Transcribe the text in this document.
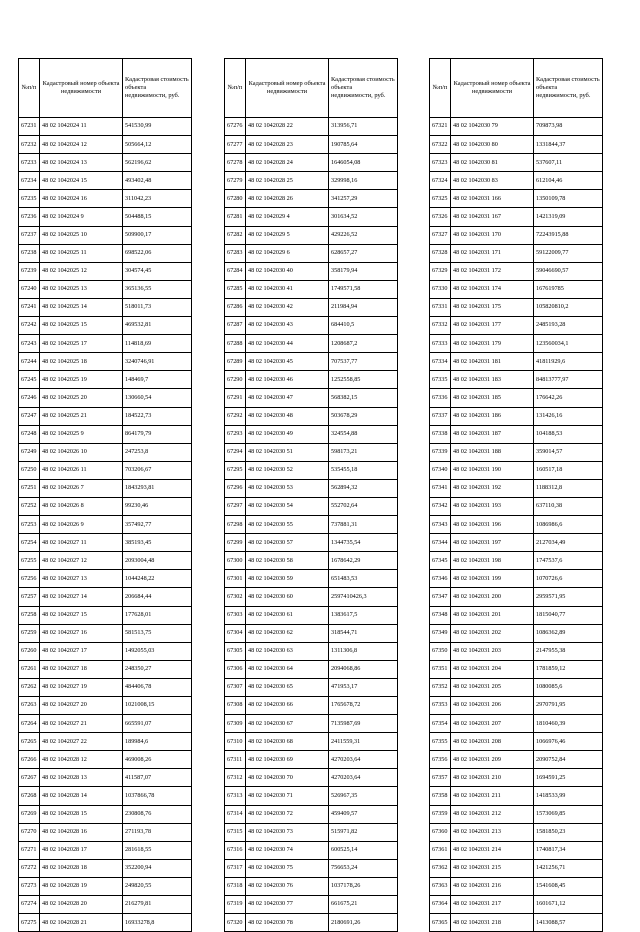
№п/п	Кадастровый номер объекта недвижимости	Кадастровая стоимость объекта недвижимости, руб.
67231	48 02 1042024 11	541530,99
67232	48 02 1042024 12	505664,12
67233	48 02 1042024 13	562196,62
67234	48 02 1042024 15	493402,48
67235	48 02 1042024 16	311042,23
67236	48 02 1042024 9	504488,15
67237	48 02 1042025 10	509900,17
67238	48 02 1042025 11	698522,06
67239	48 02 1042025 12	304574,45
67240	48 02 1042025 13	365136,55
67241	48 02 1042025 14	518011,73
67242	48 02 1042025 15	469532,81
67243	48 02 1042025 17	114818,69
67244	48 02 1042025 18	3240746,91
67245	48 02 1042025 19	148469,7
67246	48 02 1042025 20	130660,54
67247	48 02 1042025 21	184522,73
67248	48 02 1042025 9	864179,79
67249	48 02 1042026 10	247253,8
67250	48 02 1042026 11	703206,67
67251	48 02 1042026 7	1843293,81
67252	48 02 1042026 8	99230,46
67253	48 02 1042026 9	357492,77
67254	48 02 1042027 11	385193,45
67255	48 02 1042027 12	2093004,48
67256	48 02 1042027 13	1044248,22
67257	48 02 1042027 14	206684,44
67258	48 02 1042027 15	177628,01
67259	48 02 1042027 16	581513,75
67260	48 02 1042027 17	1492055,03
67261	48 02 1042027 18	248350,27
67262	48 02 1042027 19	484406,78
67263	48 02 1042027 20	1021008,15
67264	48 02 1042027 21	665591,07
67265	48 02 1042027 22	189984,6
67266	48 02 1042028 12	469008,26
67267	48 02 1042028 13	411587,07
67268	48 02 1042028 14	1037866,78
67269	48 02 1042028 15	230808,76
67270	48 02 1042028 16	271193,78
67271	48 02 1042028 17	281618,55
67272	48 02 1042028 18	352200,94
67273	48 02 1042028 19	249820,55
67274	48 02 1042028 20	216279,81
67275	48 02 1042028 21	16933278,8
№п/п	Кадастровый номер объекта недвижимости	Кадастровая стоимость объекта недвижимости, руб.
67276	48 02 1042028 22	313956,71
67277	48 02 1042028 23	190785,64
67278	48 02 1042028 24	1646054,08
67279	48 02 1042028 25	329998,16
67280	48 02 1042028 26	341257,29
67281	48 02 1042029 4	301634,52
67282	48 02 1042029 5	429226,52
67283	48 02 1042029 6	628657,27
67284	48 02 1042030 40	358179,94
67285	48 02 1042030 41	1749571,58
67286	48 02 1042030 42	211984,94
67287	48 02 1042030 43	684410,5
67288	48 02 1042030 44	1208687,2
67289	48 02 1042030 45	707537,77
67290	48 02 1042030 46	1252558,85
67291	48 02 1042030 47	568382,15
67292	48 02 1042030 48	503678,29
67293	48 02 1042030 49	324554,88
67294	48 02 1042030 51	598173,21
67295	48 02 1042030 52	535455,18
67296	48 02 1042030 53	562894,32
67297	48 02 1042030 54	552702,64
67298	48 02 1042030 55	737881,31
67299	48 02 1042030 57	1344735,54
67300	48 02 1042030 58	1678642,29
67301	48 02 1042030 59	651483,53
67302	48 02 1042030 60	2597410426,3
67303	48 02 1042030 61	1383617,5
67304	48 02 1042030 62	318544,71
67305	48 02 1042030 63	1311306,8
67306	48 02 1042030 64	2094068,86
67307	48 02 1042030 65	471953,17
67308	48 02 1042030 66	1765678,72
67309	48 02 1042030 67	7135987,69
67310	48 02 1042030 68	2411559,31
67311	48 02 1042030 69	4270203,64
67312	48 02 1042030 70	4270203,64
67313	48 02 1042030 71	526967,35
67314	48 02 1042030 72	459409,57
67315	48 02 1042030 73	515971,82
67316	48 02 1042030 74	600525,14
67317	48 02 1042030 75	756653,24
67318	48 02 1042030 76	1037178,26
67319	48 02 1042030 77	661675,21
67320	48 02 1042030 78	2180691,26
№п/п	Кадастровый номер объекта недвижимости	Кадастровая стоимость объекта недвижимости, руб.
67321	48 02 1042030 79	709873,98
67322	48 02 1042030 80	1331844,37
67323	48 02 1042030 81	537607,11
67324	48 02 1042030 83	612104,46
67325	48 02 1042031 166	1350109,78
67326	48 02 1042031 167	1421319,09
67327	48 02 1042031 170	72243915,88
67328	48 02 1042031 171	59122009,77
67329	48 02 1042031 172	59046690,57
67330	48 02 1042031 174	167619785
67331	48 02 1042031 175	105820810,2
67332	48 02 1042031 177	2485193,28
67333	48 02 1042031 179	123560034,1
67334	48 02 1042031 181	41811929,6
67335	48 02 1042031 183	84813777,97
67336	48 02 1042031 185	176642,26
67337	48 02 1042031 186	131426,16
67338	48 02 1042031 187	104188,53
67339	48 02 1042031 188	359014,57
67340	48 02 1042031 190	160517,18
67341	48 02 1042031 192	1188312,8
67342	48 02 1042031 193	637110,38
67343	48 02 1042031 196	1086986,6
67344	48 02 1042031 197	2127034,49
67345	48 02 1042031 198	1747537,6
67346	48 02 1042031 199	1070726,6
67347	48 02 1042031 200	2959571,95
67348	48 02 1042031 201	1815040,77
67349	48 02 1042031 202	1086362,89
67350	48 02 1042031 203	2147955,38
67351	48 02 1042031 204	1781859,12
67352	48 02 1042031 205	1080085,6
67353	48 02 1042031 206	2970791,95
67354	48 02 1042031 207	1810460,39
67355	48 02 1042031 208	1066976,46
67356	48 02 1042031 209	2090752,84
67357	48 02 1042031 210	1694591,25
67358	48 02 1042031 211	1418533,99
67359	48 02 1042031 212	1573069,85
67360	48 02 1042031 213	1581850,23
67361	48 02 1042031 214	1740817,34
67362	48 02 1042031 215	1421256,71
67363	48 02 1042031 216	1541608,45
67364	48 02 1042031 217	1601671,12
67365	48 02 1042031 218	1413088,57
